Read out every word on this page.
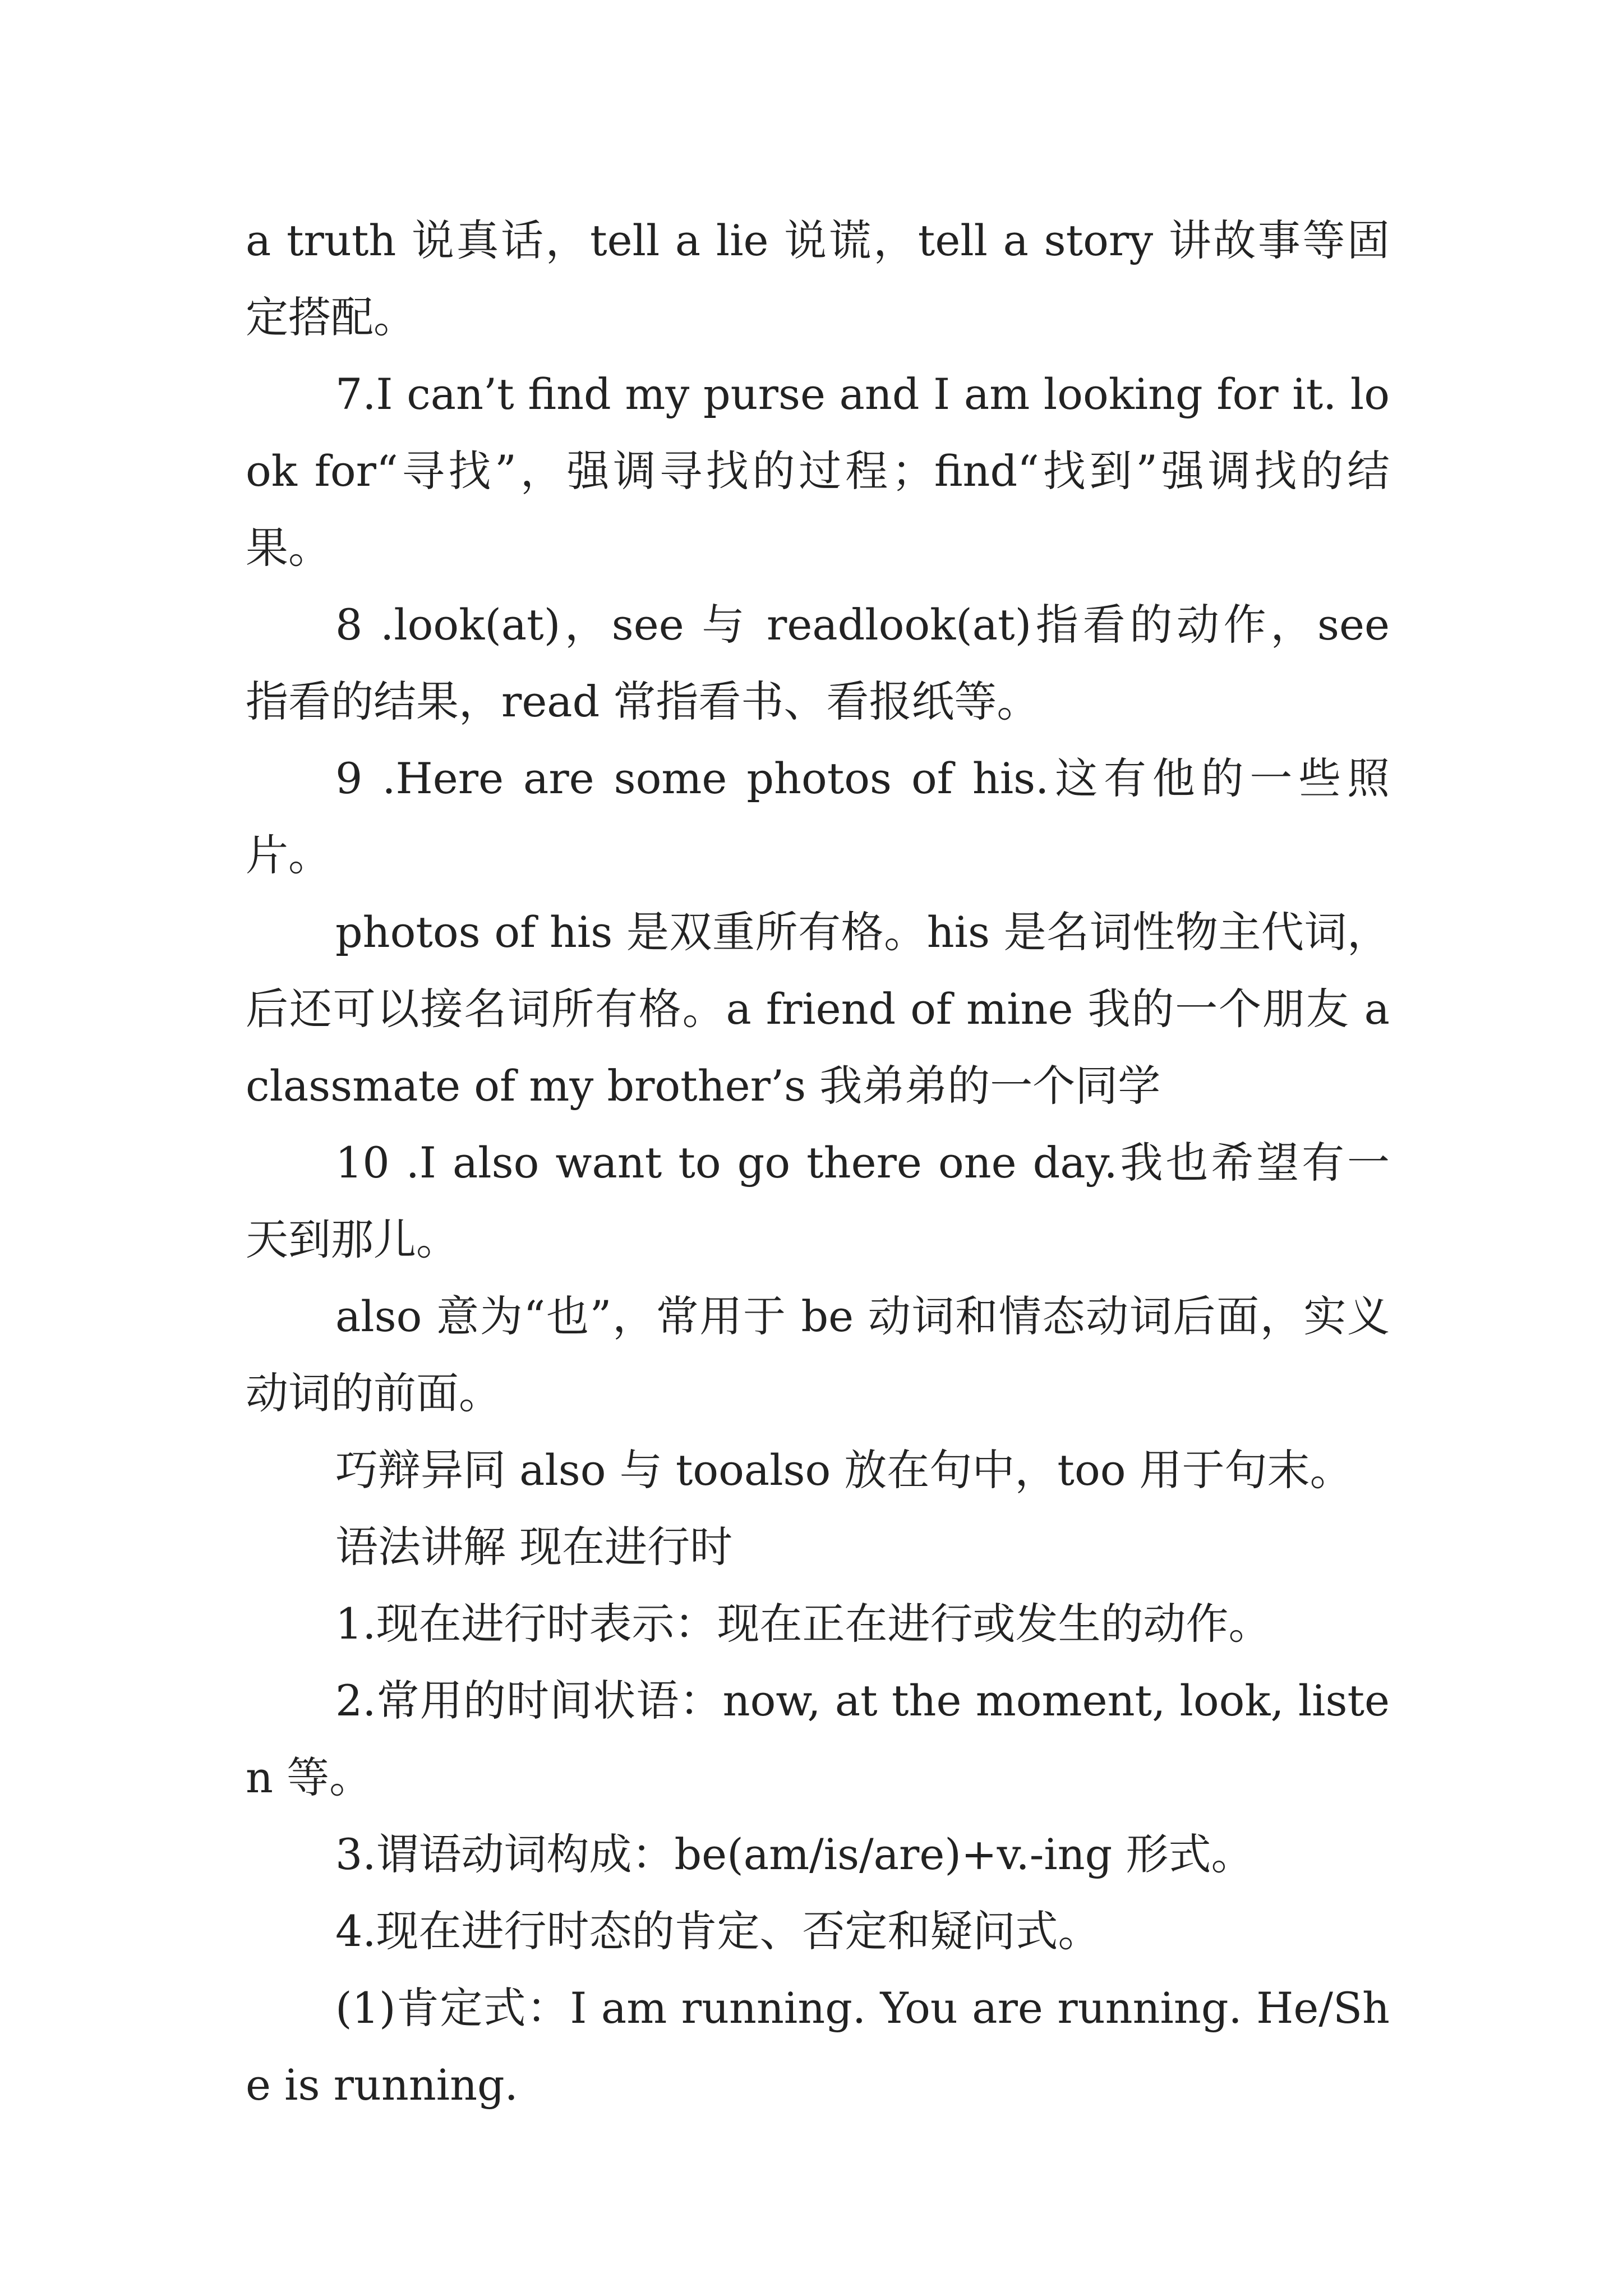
a truth 说真话，tell a lie 说谎，tell a story 讲故事等固定搭配。

7.I can’t find my purse and I am looking for it. look for“寻找”，强调寻找的过程；find“找到”强调找的结果。

8 .look(at)，see 与 readlook(at)指看的动作，see 指看的结果，read 常指看书、看报纸等。

9 .Here are some photos of his.这有他的一些照片。

photos of his 是双重所有格。his 是名词性物主代词，后还可以接名词所有格。a friend of mine 我的一个朋友 a classmate of my brother’s 我弟弟的一个同学

10 .I also want to go there one day.我也希望有一天到那儿。

also 意为“也”，常用于 be 动词和情态动词后面，实义动词的前面。

巧辩异同 also 与 tooalso 放在句中，too 用于句末。

语法讲解 现在进行时

1.现在进行时表示：现在正在进行或发生的动作。

2.常用的时间状语：now, at the moment, look, listen 等。

3.谓语动词构成：be(am/is/are)+v.-ing 形式。

4.现在进行时态的肯定、否定和疑问式。

(1)肯定式：I am running. You are running. He/She is running.
